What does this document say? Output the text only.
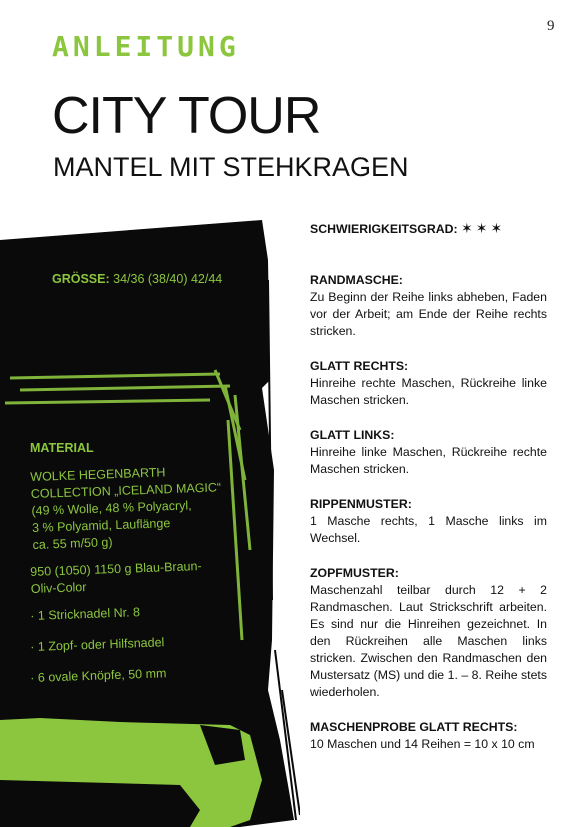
9
ANLEITUNG
CITY TOUR
MANTEL MIT STEHKRAGEN
GRÖSSE: 34/36 (38/40) 42/44
MATERIAL
WOLKE HEGENBARTH
COLLECTION „ICELAND MAGIC“
(49 % Wolle, 48 % Polyacryl,
3 % Polyamid, Lauflänge
ca. 55 m/50 g)
950 (1050) 1150 g Blau-Braun-
Oliv-Color
· 1 Stricknadel Nr. 8
· 1 Zopf- oder Hilfsnadel
· 6 ovale Knöpfe, 50 mm
SCHWIERIGKEITSGRAD: ✶✶✶
RANDMASCHE:
Zu Beginn der Reihe links abheben, Faden vor der Arbeit; am Ende der Reihe rechts stricken.
GLATT RECHTS:
Hinreihe rechte Maschen, Rückreihe linke Maschen stricken.
GLATT LINKS:
Hinreihe linke Maschen, Rückreihe rechte Maschen stricken.
RIPPENMUSTER:
1 Masche rechts, 1 Masche links im Wechsel.
ZOPFMUSTER:
Maschenzahl teilbar durch 12 + 2 Randmaschen. Laut Strickschrift arbeiten. Es sind nur die Hinreihen gezeichnet. In den Rückreihen alle Maschen links stricken. Zwischen den Randmaschen den Mustersatz (MS) und die 1. – 8. Reihe stets wiederholen.
MASCHENPROBE GLATT RECHTS:
10 Maschen und 14 Reihen = 10 x 10 cm
